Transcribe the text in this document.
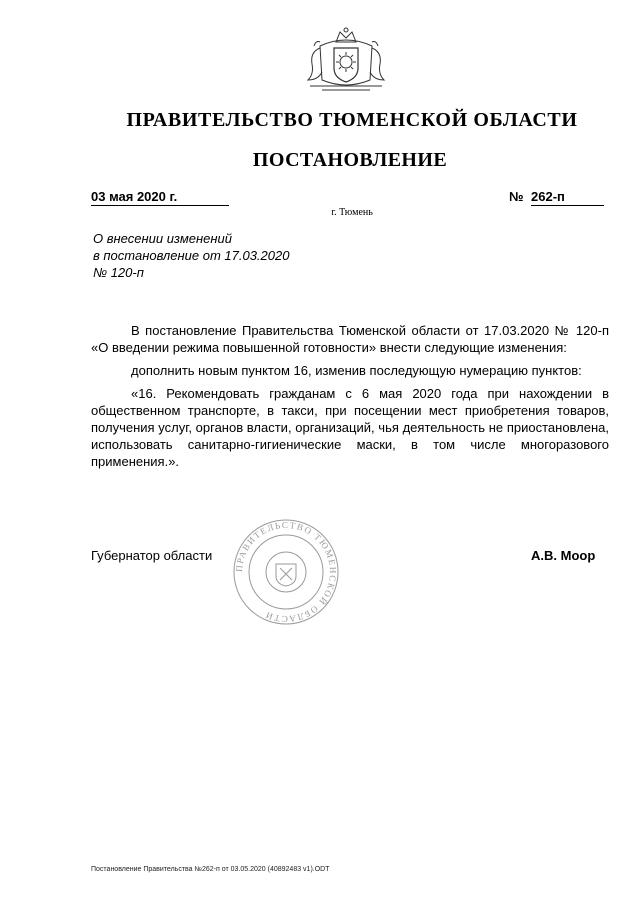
ПРАВИТЕЛЬСТВО ТЮМЕНСКОЙ ОБЛАСТИ
ПОСТАНОВЛЕНИЕ
03 мая 2020 г.	№ 262-п
г. Тюмень
О внесении изменений
в постановление от 17.03.2020
№ 120-п

В постановление Правительства Тюменской области от 17.03.2020 № 120-п «О введении режима повышенной готовности» внести следующие изменения:

дополнить новым пунктом 16, изменив последующую нумерацию пунктов:

«16. Рекомендовать гражданам с 6 мая 2020 года при нахождении в общественном транспорте, в такси, при посещении мест приобретения товаров, получения услуг, органов власти, организаций, чья деятельность не приостановлена, использовать санитарно-гигиенические маски, в том числе многоразового применения.».

ПРАВИТЕЛЬСТВО ТЮМЕНСКОЙ ОБЛАСТИ
Губернатор области	А.В. Моор
Постановление Правительства №262-п от 03.05.2020 (40892483 v1).ODT
